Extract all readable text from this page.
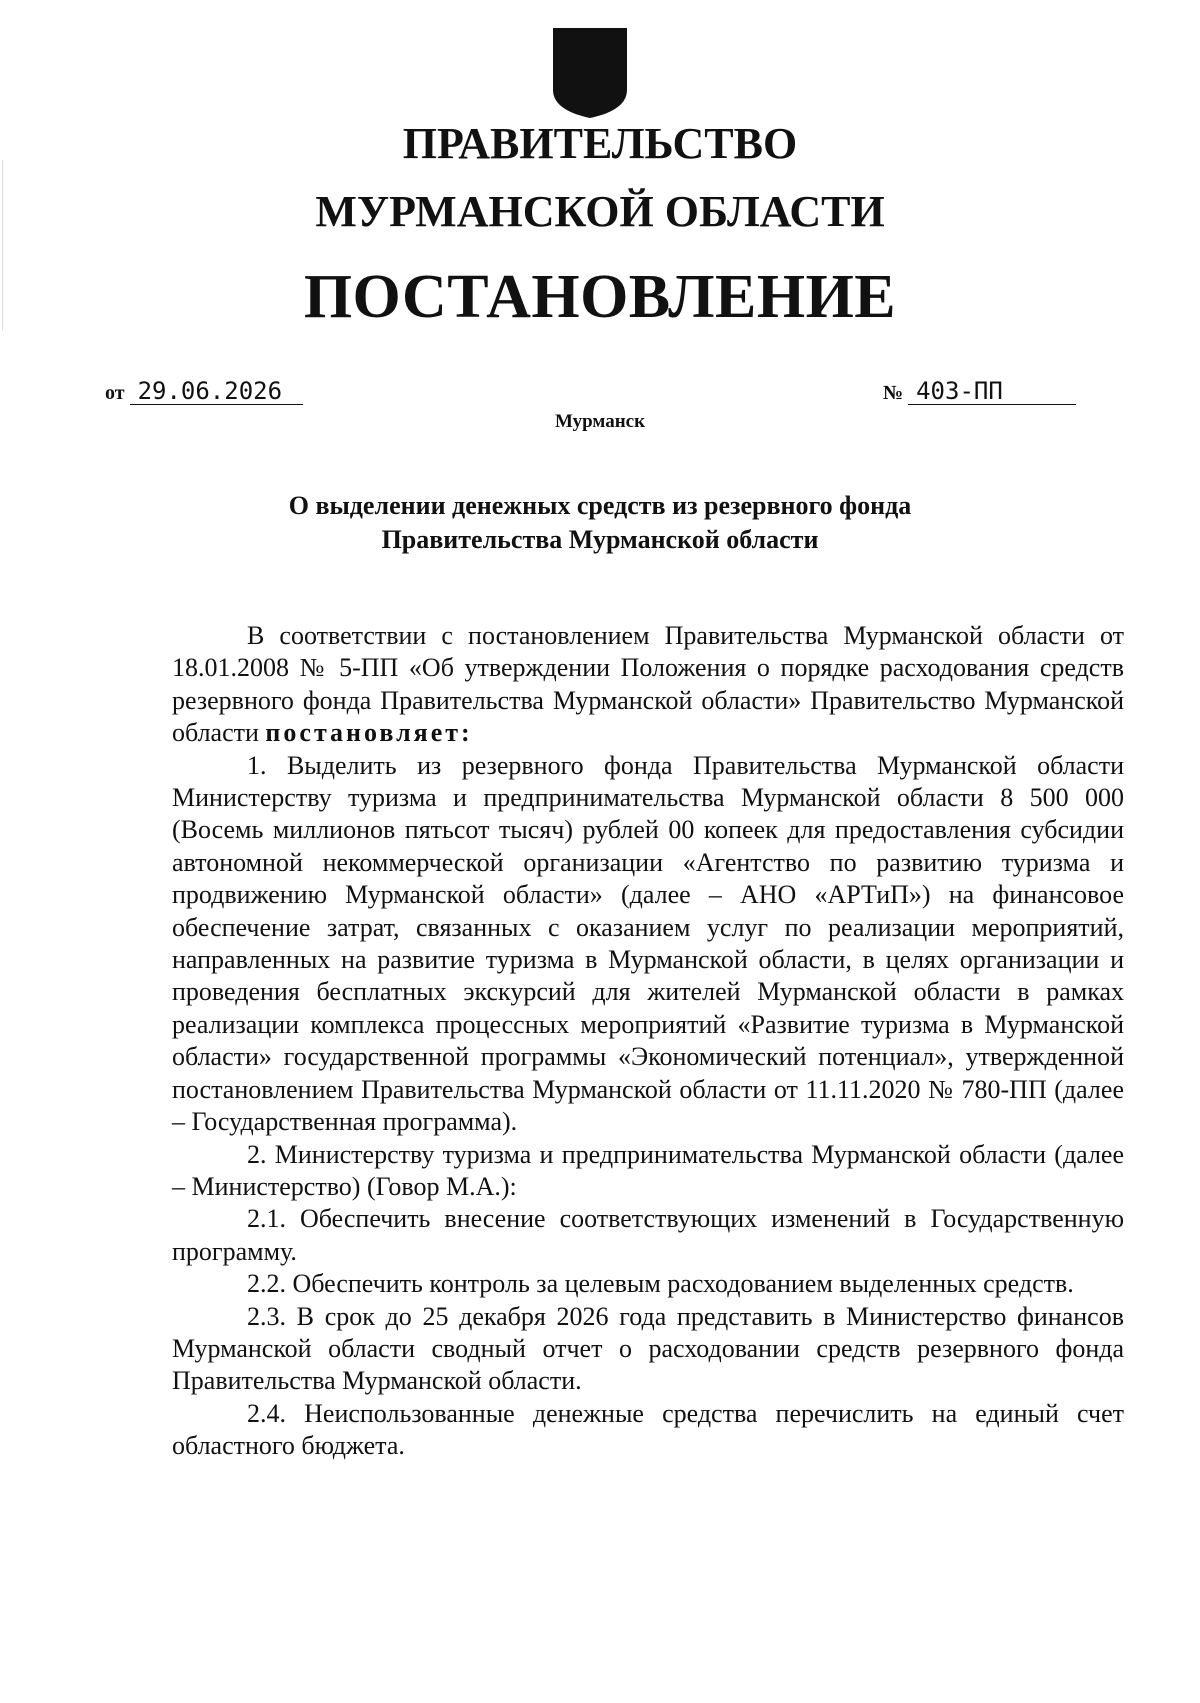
ПРАВИТЕЛЬСТВО
МУРМАНСКОЙ ОБЛАСТИ
ПОСТАНОВЛЕНИЕ
от 29.06.2026	№ 403-ПП
Мурманск
О выделении денежных средств из резервного фонда
Правительства Мурманской области

В соответствии с постановлением Правительства Мурманской области от 18.01.2008 № 5-ПП «Об утверждении Положения о порядке расходования средств резервного фонда Правительства Мурманской области» Правительство Мурманской области постановляет:

1. Выделить из резервного фонда Правительства Мурманской области Министерству туризма и предпринимательства Мурманской области 8 500 000 (Восемь миллионов пятьсот тысяч) рублей 00 копеек для предоставления субсидии автономной некоммерческой организации «Агентство по развитию туризма и продвижению Мурманской области» (далее – АНО «АРТиП») на финансовое обеспечение затрат, связанных с оказанием услуг по реализации мероприятий, направленных на развитие туризма в Мурманской области, в целях организации и проведения бесплатных экскурсий для жителей Мурманской области в рамках реализации комплекса процессных мероприятий «Развитие туризма в Мурманской области» государственной программы «Экономический потенциал», утвержденной постановлением Правительства Мурманской области от 11.11.2020 № 780-ПП (далее – Государственная программа).

2. Министерству туризма и предпринимательства Мурманской области (далее – Министерство) (Говор М.А.):

2.1. Обеспечить внесение соответствующих изменений в Государственную программу.

2.2. Обеспечить контроль за целевым расходованием выделенных средств.

2.3. В срок до 25 декабря 2026 года представить в Министерство финансов Мурманской области сводный отчет о расходовании средств резервного фонда Правительства Мурманской области.

2.4. Неиспользованные денежные средства перечислить на единый счет областного бюджета.
